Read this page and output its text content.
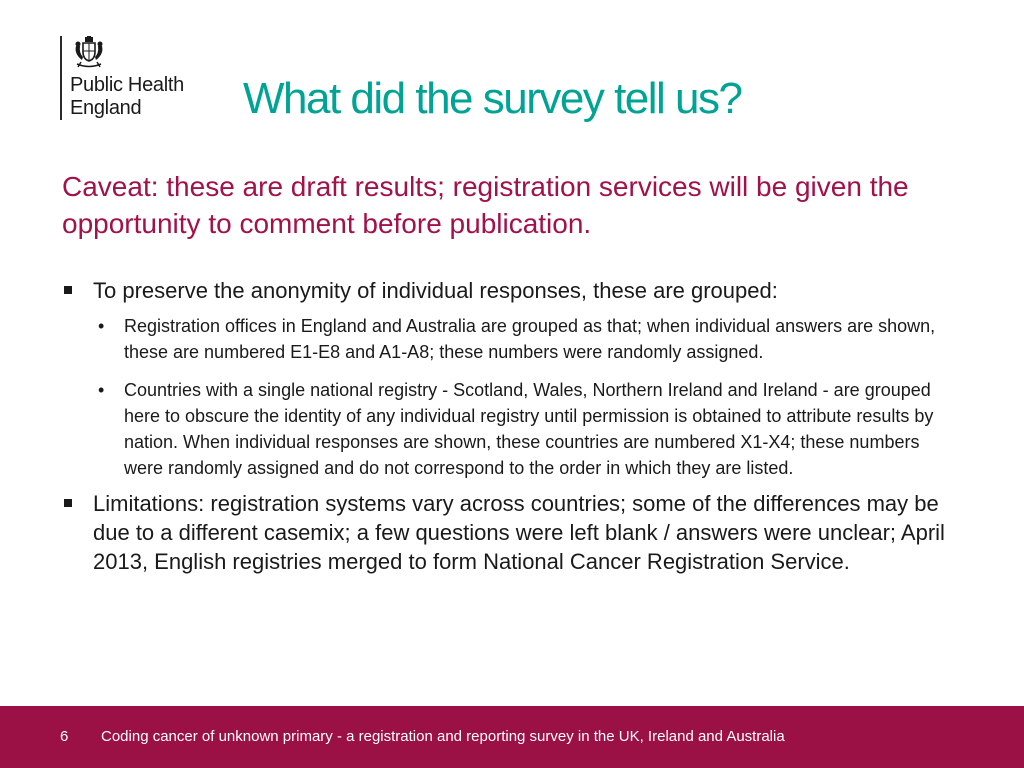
Public Health
England	What did the survey tell us?

Caveat: these are draft results; registration services will be given the opportunity to comment before publication.

To preserve the anonymity of individual responses, these are grouped:
• Registration offices in England and Australia are grouped as that; when individual answers are shown, these are numbered E1-E8 and A1-A8; these numbers were randomly assigned.
• Countries with a single national registry - Scotland, Wales, Northern Ireland and Ireland - are grouped here to obscure the identity of any individual registry until permission is obtained to attribute results by nation. When individual responses are shown, these countries are numbered X1-X4; these numbers were randomly assigned and do not correspond to the order in which they are listed.
Limitations: registration systems vary across countries; some of the differences may be due to a different casemix; a few questions were left blank / answers were unclear; April 2013, English registries merged to form National Cancer Registration Service.
6 Coding cancer of unknown primary - a registration and reporting survey in the UK, Ireland and Australia
